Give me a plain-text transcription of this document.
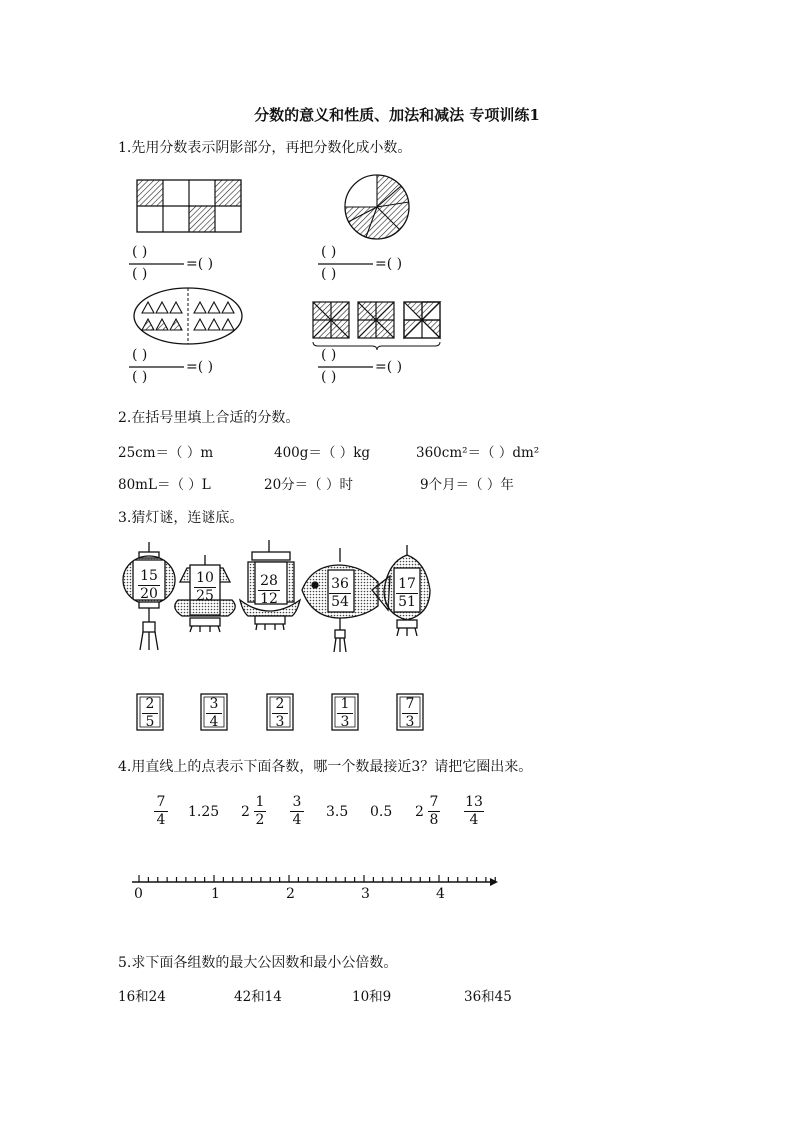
分数的意义和性质、加法和减法 专项训练1
1.先用分数表示阴影部分，再把分数化成小数。
( )
( )
=( )
( )
( )
=( )
( )
( )
=( )
( )
( )
=( )
2.在括号里填上合适的分数。
25cm＝（ ）m	400g＝（ ）kg	360cm²＝（ ）dm²
80mL＝（ ）L	20分＝（ ）时	9个月＝（ ）年
3.猜灯谜，连谜底。
15
20
10
25
28
12
36
54
17
51
2
5
3
4
2
3
1
3
7
3
4.用直线上的点表示下面各数，哪一个数最接近3？请把它圈出来。
7
4 1.25 2
1
2
3
4 3.5 0.5 2
7
8
13
4
0	1	2	3	4
5.求下面各组数的最大公因数和最小公倍数。
16和24	42和14	10和9	36和45
